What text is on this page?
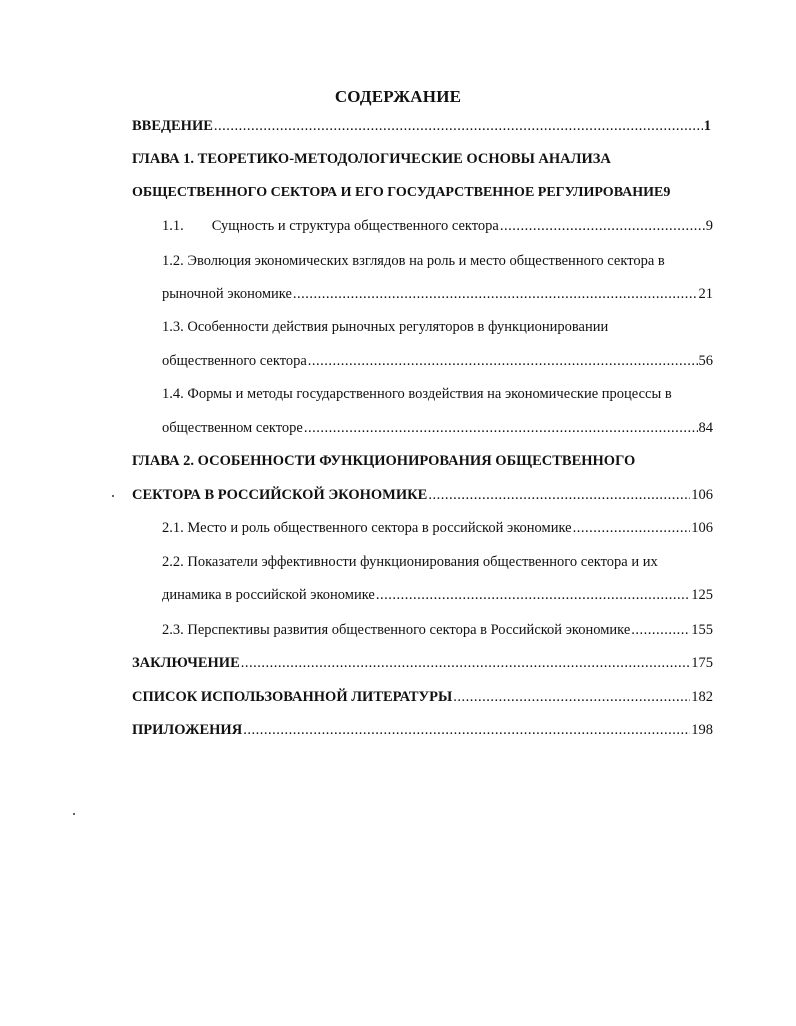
СОДЕРЖАНИЕ
ВВЕДЕНИЕ .....	1
ГЛАВА 1. ТЕОРЕТИКО-МЕТОДОЛОГИЧЕСКИЕ ОСНОВЫ АНАЛИЗА
ОБЩЕСТВЕННОГО СЕКТОРА И ЕГО ГОСУДАРСТВЕННОЕ РЕГУЛИРОВАНИЕ 9
1.1. Сущность и структура общественного сектора .....	9
1.2. Эволюция экономических взглядов на роль и место общественного сектора в
рыночной экономике .....	21
1.3. Особенности действия рыночных регуляторов в функционировании
общественного сектора .....	56
1.4. Формы и методы государственного воздействия на экономические процессы в
общественном секторе .....	84
ГЛАВА 2. ОСОБЕННОСТИ ФУНКЦИОНИРОВАНИЯ ОБЩЕСТВЕННОГО
СЕКТОРА В РОССИЙСКОЙ ЭКОНОМИКЕ .....	106
2.1. Место и роль общественного сектора в российской экономике .....	106
2.2. Показатели эффективности функционирования общественного сектора и их
динамика в российской экономике .....	125
2.3. Перспективы развития общественного сектора в Российской экономике .....	155
ЗАКЛЮЧЕНИЕ .....	175
СПИСОК ИСПОЛЬЗОВАННОЙ ЛИТЕРАТУРЫ .....	182
ПРИЛОЖЕНИЯ .....	198
